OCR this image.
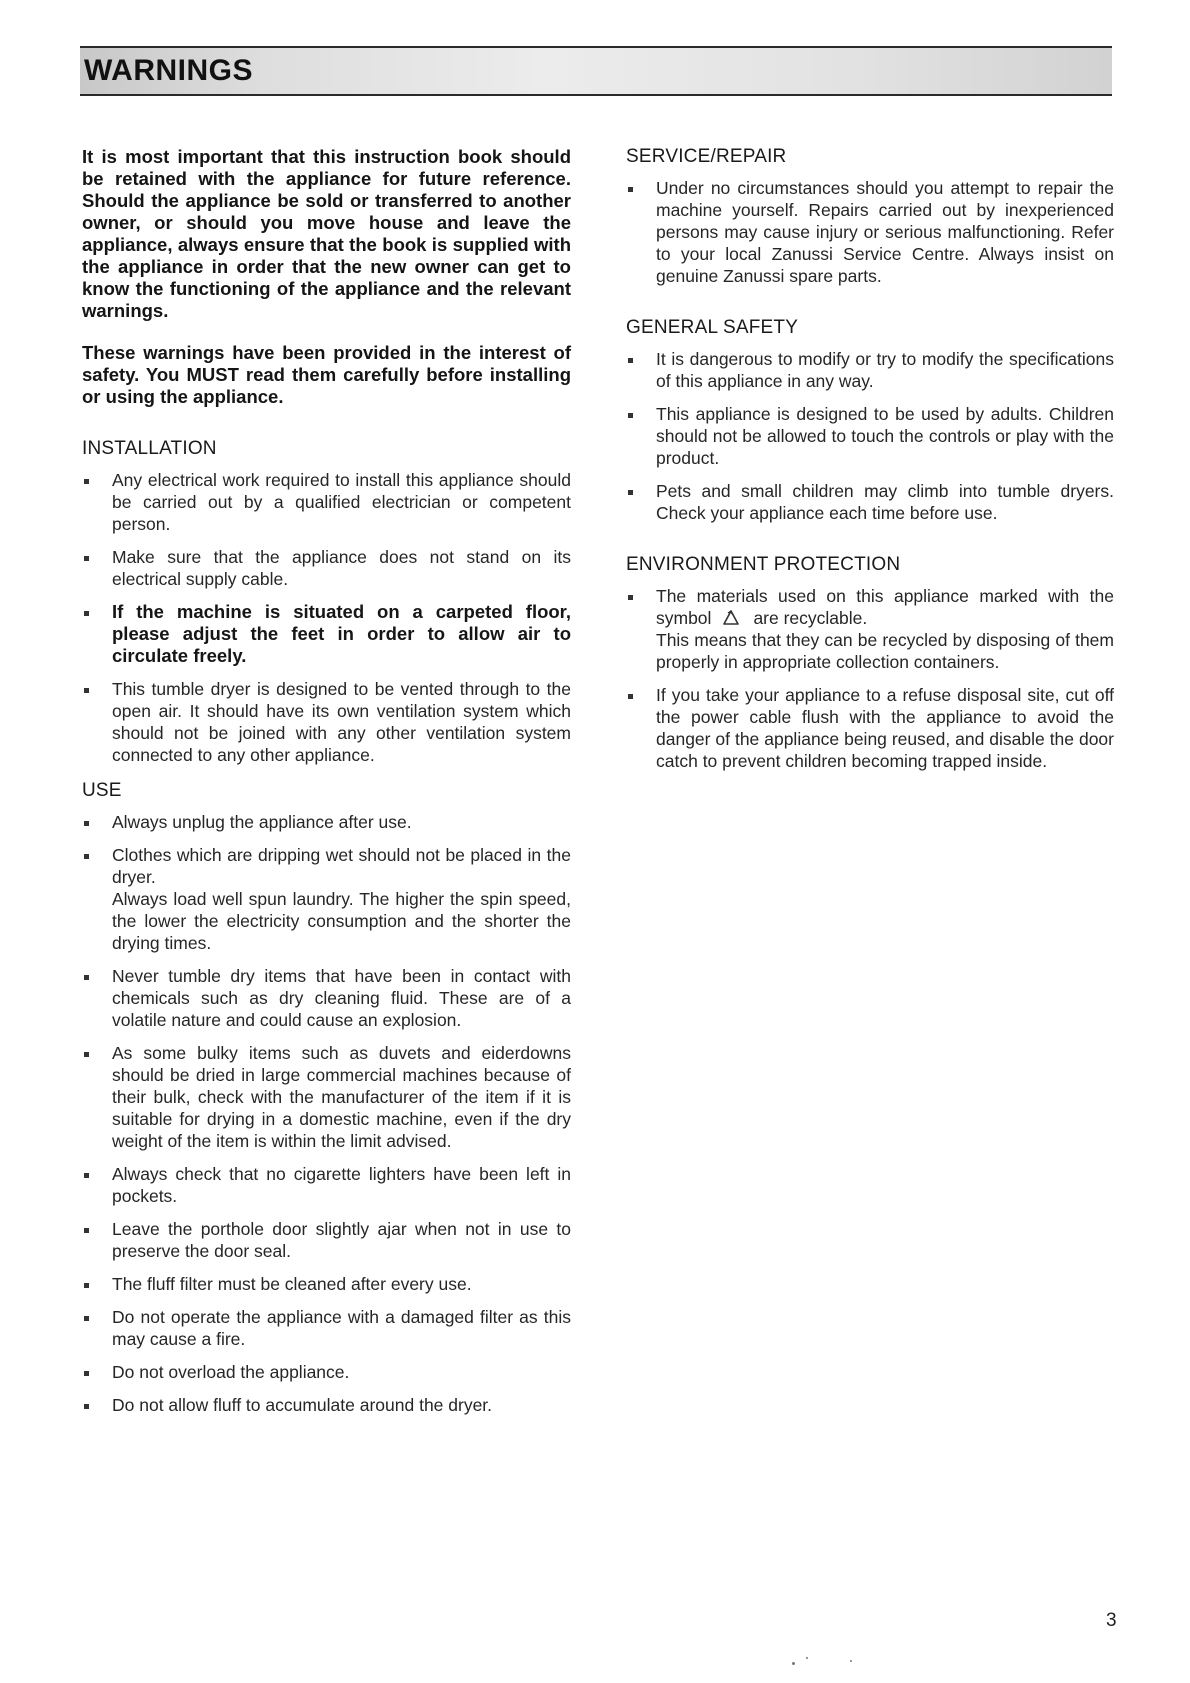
WARNINGS

It is most important that this instruction book should be retained with the appliance for future reference. Should the appliance be sold or transferred to another owner, or should you move house and leave the appliance, always ensure that the book is supplied with the appliance in order that the new owner can get to know the functioning of the appliance and the relevant warnings.

These warnings have been provided in the interest of safety. You MUST read them carefully before installing or using the appliance.

INSTALLATION
Any electrical work required to install this appliance should be carried out by a qualified electrician or competent person.
Make sure that the appliance does not stand on its electrical supply cable.
If the machine is situated on a carpeted floor, please adjust the feet in order to allow air to circulate freely.
This tumble dryer is designed to be vented through to the open air. It should have its own ventilation system which should not be joined with any other ventilation system connected to any other appliance.
USE
Always unplug the appliance after use.
Clothes which are dripping wet should not be placed in the dryer.
Always load well spun laundry. The higher the spin speed, the lower the electricity consumption and the shorter the drying times.
Never tumble dry items that have been in contact with chemicals such as dry cleaning fluid. These are of a volatile nature and could cause an explosion.
As some bulky items such as duvets and eiderdowns should be dried in large commercial machines because of their bulk, check with the manufacturer of the item if it is suitable for drying in a domestic machine, even if the dry weight of the item is within the limit advised.
Always check that no cigarette lighters have been left in pockets.
Leave the porthole door slightly ajar when not in use to preserve the door seal.
The fluff filter must be cleaned after every use.
Do not operate the appliance with a damaged filter as this may cause a fire.
Do not overload the appliance.
Do not allow fluff to accumulate around the dryer.
SERVICE/REPAIR
Under no circumstances should you attempt to repair the machine yourself. Repairs carried out by inexperienced persons may cause injury or serious malfunctioning. Refer to your local Zanussi Service Centre. Always insist on genuine Zanussi spare parts.
GENERAL SAFETY
It is dangerous to modify or try to modify the specifications of this appliance in any way.
This appliance is designed to be used by adults. Children should not be allowed to touch the controls or play with the product.
Pets and small children may climb into tumble dryers. Check your appliance each time before use.
ENVIRONMENT PROTECTION
The materials used on this appliance marked with the symbol are recyclable.
This means that they can be recycled by disposing of them properly in appropriate collection containers.
If you take your appliance to a refuse disposal site, cut off the power cable flush with the appliance to avoid the danger of the appliance being reused, and disable the door catch to prevent children becoming trapped inside.
3
